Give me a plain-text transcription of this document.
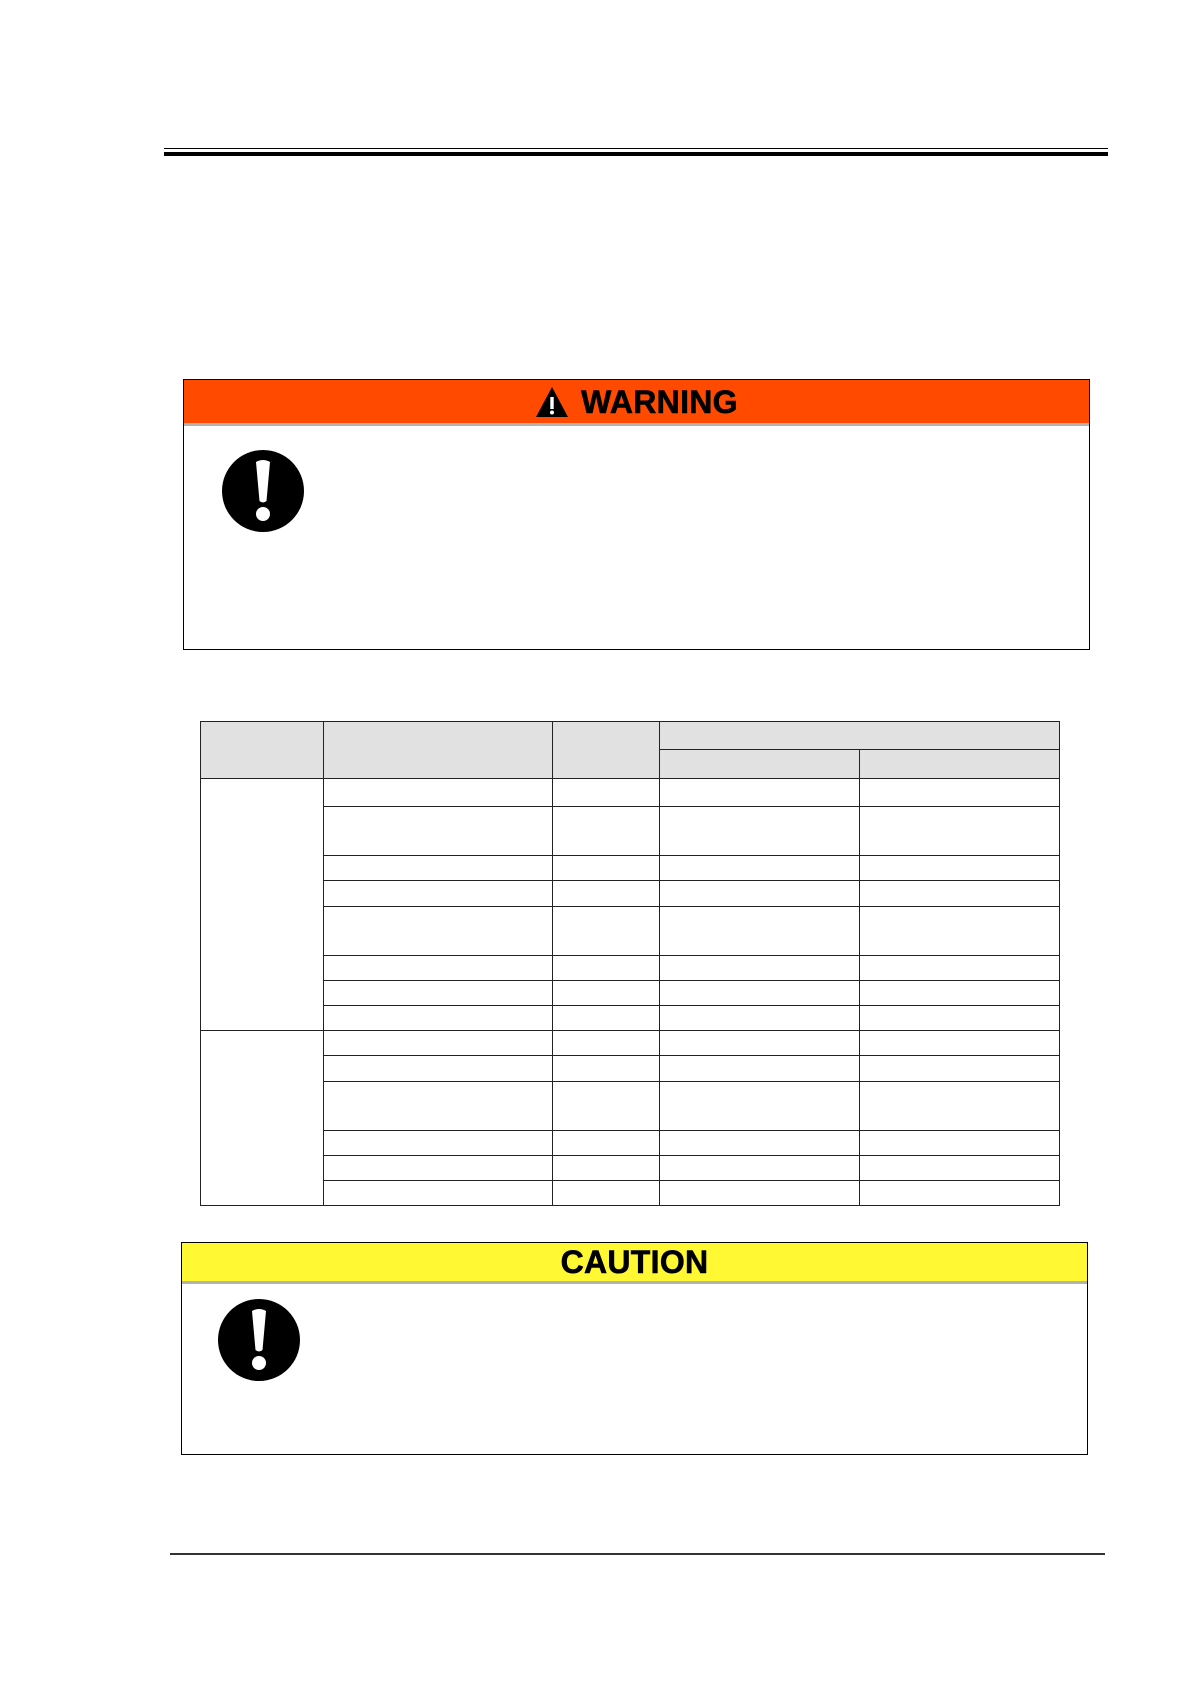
WARNING

CAUTION
